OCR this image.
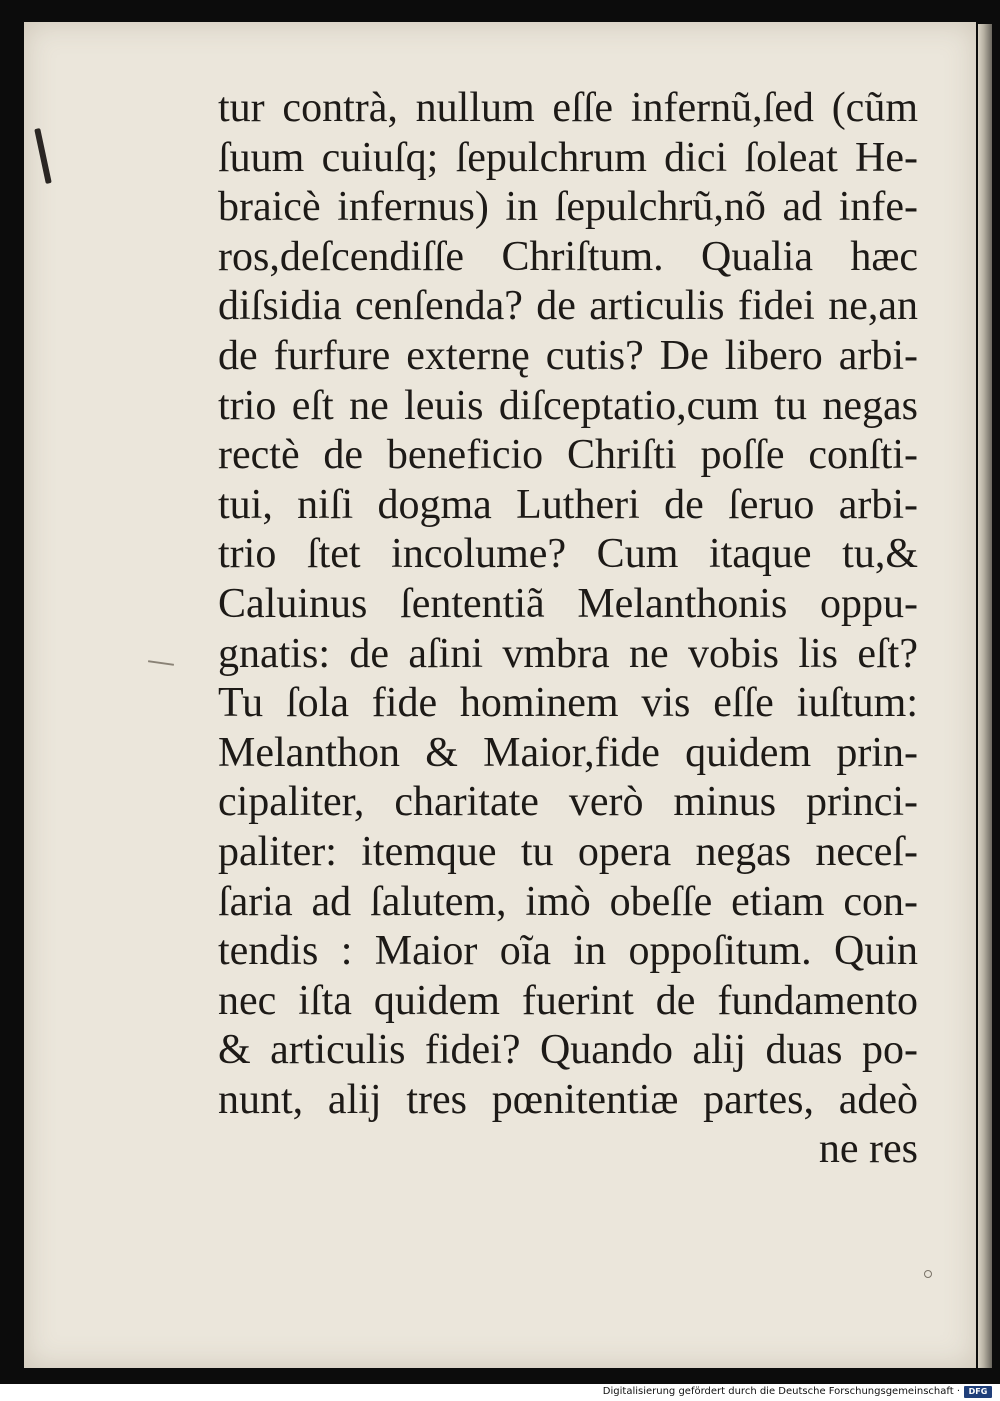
tur contrà, nullum eſſe infernũ,ſed (cũm
ſuum cuiuſq; ſepulchrum dici ſoleat He-
braicè infernus) in ſepulchrũ,nõ ad infe-
ros,deſcendiſſe Chriſtum. Qualia hæc
diſsidia cenſenda? de articulis fidei ne,an
de furfure externę cutis? De libero arbi-
trio eſt ne leuis diſceptatio,cum tu negas
rectè de beneficio Chriſti poſſe conſti-
tui, niſi dogma Lutheri de ſeruo arbi-
trio ſtet incolume? Cum itaque tu,&
Caluinus ſententiã Melanthonis oppu-
gnatis: de aſini vmbra ne vobis lis eſt?
Tu ſola fide hominem vis eſſe iuſtum:
Melanthon & Maior,fide quidem prin-
cipaliter, charitate verò minus princi-
paliter: itemque tu opera negas neceſ-
ſaria ad ſalutem, imò obeſſe etiam con-
tendis : Maior oĩa in oppoſitum. Quin
nec iſta quidem fuerint de fundamento
& articulis fidei? Quando alij duas po-
nunt, alij tres pœnitentiæ partes, adeò
ne res
Digitalisierung gefördert durch die Deutsche Forschungsgemeinschaft ·	DFG
